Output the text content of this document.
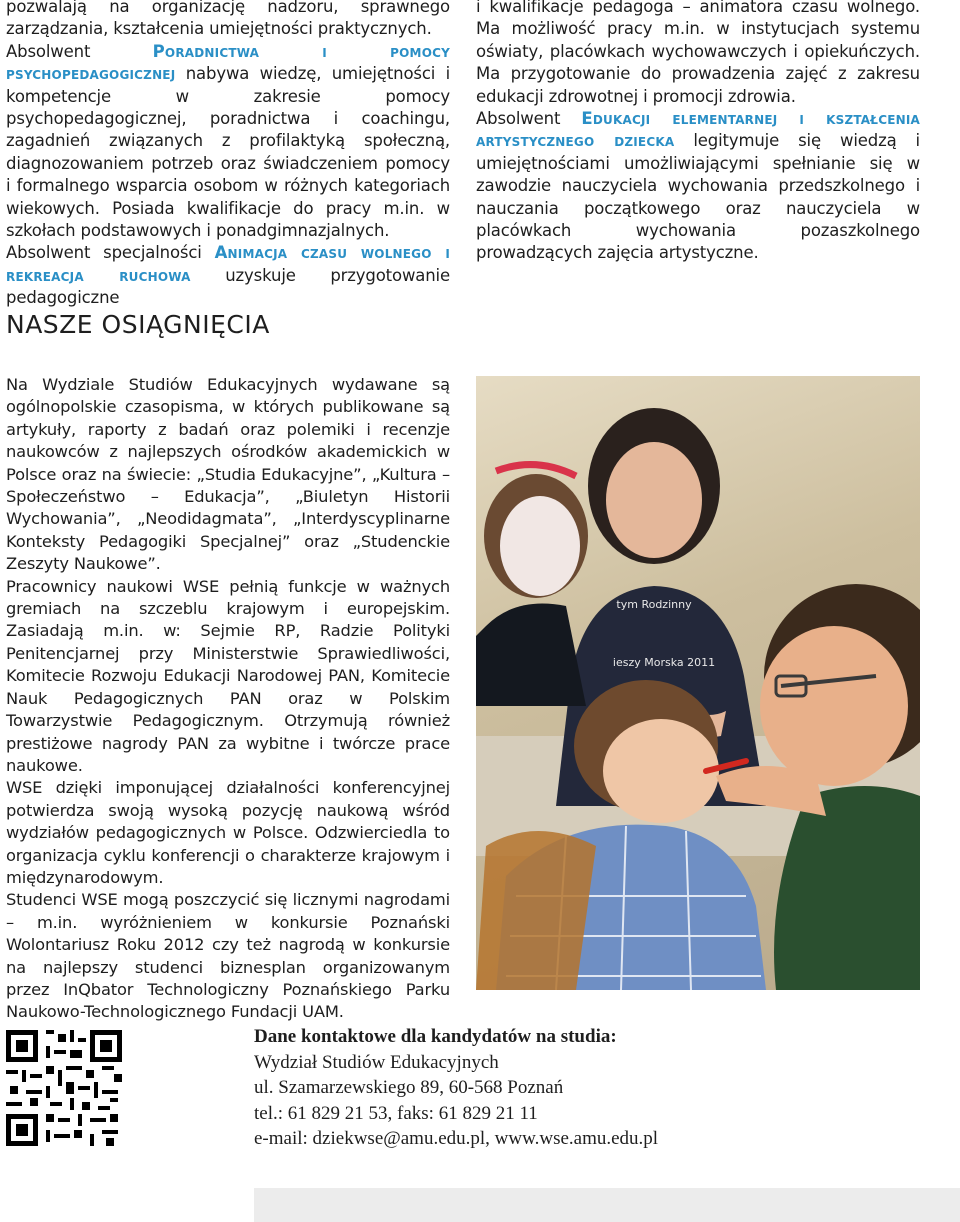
pozwalają na organizację nadzoru, sprawnego zarządzania, kształcenia umiejętności praktycznych.

Absolwent Poradnictwa i pomocy psychopedagogicznej nabywa wiedzę, umiejętności i kompetencje w zakresie pomocy psychopedagogicznej, poradnictwa i coachingu, zagadnień związanych z profilaktyką społeczną, diagnozowaniem potrzeb oraz świadczeniem pomocy i formalnego wsparcia osobom w różnych kategoriach wiekowych. Posiada kwalifikacje do pracy m.in. w szkołach podstawowych i ponadgimnazjalnych.

Absolwent specjalności Animacja czasu wolnego i rekreacja ruchowa uzyskuje przygotowanie pedagogiczne

i kwalifikacje pedagoga – animatora czasu wolnego. Ma możliwość pracy m.in. w instytucjach systemu oświaty, placówkach wychowawczych i opiekuńczych. Ma przygotowanie do prowadzenia zajęć z zakresu edukacji zdrowotnej i promocji zdrowia.

Absolwent Edukacji elementarnej i kształcenia artystycznego dziecka legitymuje się wiedzą i umiejętnościami umożliwiającymi spełnianie się w zawodzie nauczyciela wychowania przedszkolnego i nauczania początkowego oraz nauczyciela w placówkach wychowania pozaszkolnego prowadzących zajęcia artystyczne.

NASZE OSIĄGNIĘCIA

Na Wydziale Studiów Edukacyjnych wydawane są ogólnopolskie czasopisma, w których publikowane są artykuły, raporty z badań oraz polemiki i recenzje naukowców z najlepszych ośrodków akademickich w Polsce oraz na świecie: „Studia Edukacyjne”, „Kultura – Społeczeństwo – Edukacja”, „Biuletyn Historii Wychowania”, „Neodidagmata”, „Interdyscyplinarne Konteksty Pedagogiki Specjalnej” oraz „Studenckie Zeszyty Naukowe”.

Pracownicy naukowi WSE pełnią funkcje w ważnych gremiach na szczeblu krajowym i europejskim. Zasiadają m.in. w: Sejmie RP, Radzie Polityki Penitencjarnej przy Ministerstwie Sprawiedliwości, Komitecie Rozwoju Edukacji Narodowej PAN, Komitecie Nauk Pedagogicznych PAN oraz w Polskim Towarzystwie Pedagogicznym. Otrzymują również prestiżowe nagrody PAN za wybitne i twórcze prace naukowe.

WSE dzięki imponującej działalności konferencyjnej potwierdza swoją wysoką pozycję naukową wśród wydziałów pedagogicznych w Polsce. Odzwierciedla to organizacja cyklu konferencji o charakterze krajowym i międzynarodowym.

Studenci WSE mogą poszczycić się licznymi nagrodami – m.in. wyróżnieniem w konkursie Poznański Wolontariusz Roku 2012 czy też nagrodą w konkursie na najlepszy studenci biznesplan organizowanym przez InQbator Technologiczny Poznańskiego Parku Naukowo-Technologicznego Fundacji UAM.

tym Rodzinny
ieszy Morska 2011
Dane kontaktowe dla kandydatów na studia:
Wydział Studiów Edukacyjnych
ul. Szamarzewskiego 89, 60-568 Poznań
tel.: 61 829 21 53, faks: 61 829 21 11
e-mail: dziekwse@amu.edu.pl, www.wse.amu.edu.pl
